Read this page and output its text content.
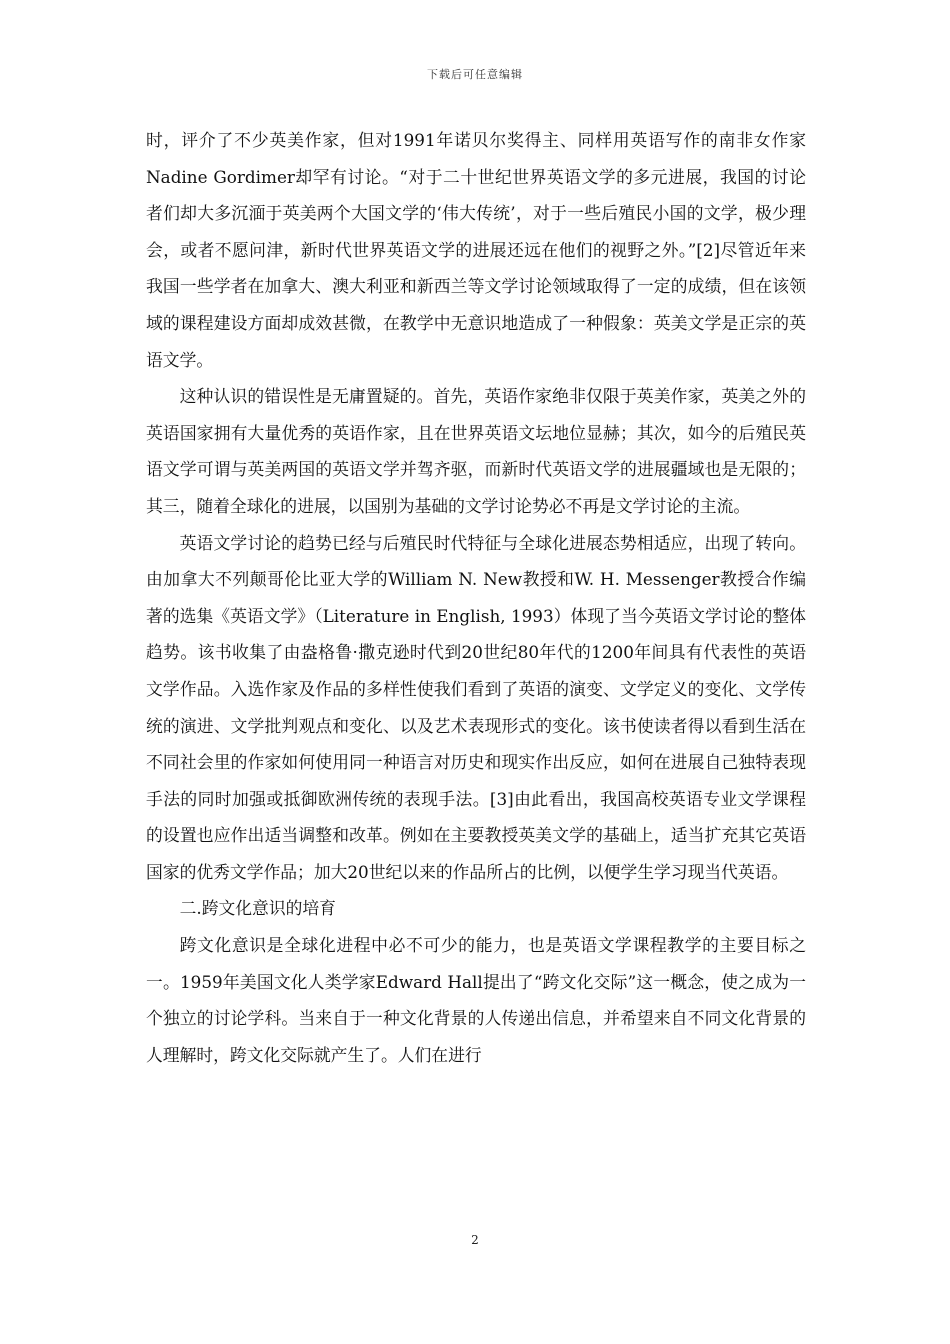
下载后可任意编辑

时，评介了不少英美作家，但对1991年诺贝尔奖得主、同样用英语写作的南非女作家Nadine Gordimer却罕有讨论。“对于二十世纪世界英语文学的多元进展，我国的讨论者们却大多沉湎于英美两个大国文学的‘伟大传统’，对于一些后殖民小国的文学，极少理会，或者不愿问津，新时代世界英语文学的进展还远在他们的视野之外。”[2]尽管近年来我国一些学者在加拿大、澳大利亚和新西兰等文学讨论领域取得了一定的成绩，但在该领域的课程建设方面却成效甚微，在教学中无意识地造成了一种假象：英美文学是正宗的英语文学。

这种认识的错误性是无庸置疑的。首先，英语作家绝非仅限于英美作家，英美之外的英语国家拥有大量优秀的英语作家，且在世界英语文坛地位显赫；其次，如今的后殖民英语文学可谓与英美两国的英语文学并驾齐驱，而新时代英语文学的进展疆域也是无限的；其三，随着全球化的进展，以国别为基础的文学讨论势必不再是文学讨论的主流。

英语文学讨论的趋势已经与后殖民时代特征与全球化进展态势相适应，出现了转向。由加拿大不列颠哥伦比亚大学的William N. New教授和W. H. Messenger教授合作编著的选集《英语文学》（Literature in English, 1993）体现了当今英语文学讨论的整体趋势。该书收集了由盎格鲁·撒克逊时代到20世纪80年代的1200年间具有代表性的英语文学作品。入选作家及作品的多样性使我们看到了英语的演变、文学定义的变化、文学传统的演进、文学批判观点和变化、以及艺术表现形式的变化。该书使读者得以看到生活在不同社会里的作家如何使用同一种语言对历史和现实作出反应，如何在进展自己独特表现手法的同时加强或抵御欧洲传统的表现手法。[3]由此看出，我国高校英语专业文学课程的设置也应作出适当调整和改革。例如在主要教授英美文学的基础上，适当扩充其它英语国家的优秀文学作品；加大20世纪以来的作品所占的比例，以便学生学习现当代英语。

二.跨文化意识的培育

跨文化意识是全球化进程中必不可少的能力，也是英语文学课程教学的主要目标之一。1959年美国文化人类学家Edward Hall提出了“跨文化交际”这一概念，使之成为一个独立的讨论学科。当来自于一种文化背景的人传递出信息，并希望来自不同文化背景的人理解时，跨文化交际就产生了。人们在进行

2
